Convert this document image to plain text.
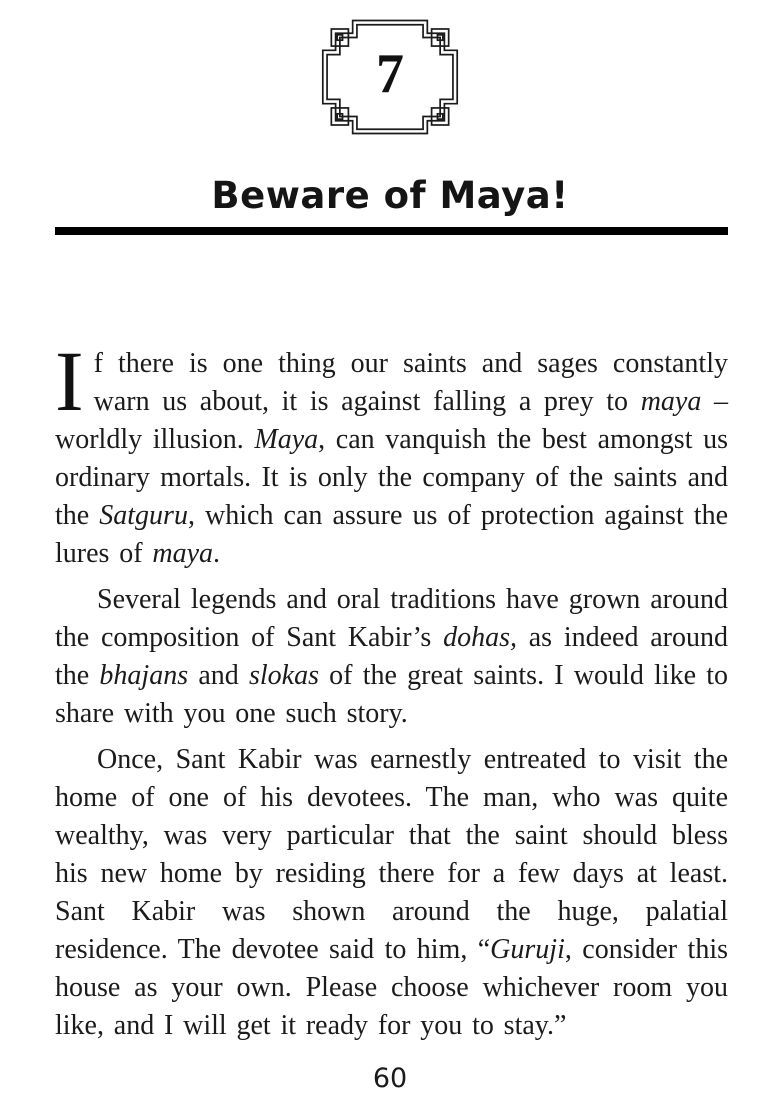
7
Beware of Maya!

If there is one thing our saints and sages constantly warn us about, it is against falling a prey to maya – worldly illusion. Maya, can vanquish the best amongst us ordinary mortals. It is only the company of the saints and the Satguru, which can assure us of protection against the lures of maya.

Several legends and oral traditions have grown around the composition of Sant Kabir’s dohas, as indeed around the bhajans and slokas of the great saints. I would like to share with you one such story.

Once, Sant Kabir was earnestly entreated to visit the home of one of his devotees. The man, who was quite wealthy, was very particular that the saint should bless his new home by residing there for a few days at least. Sant Kabir was shown around the huge, palatial residence. The devotee said to him, “Guruji, consider this house as your own. Please choose whichever room you like, and I will get it ready for you to stay.”

60
